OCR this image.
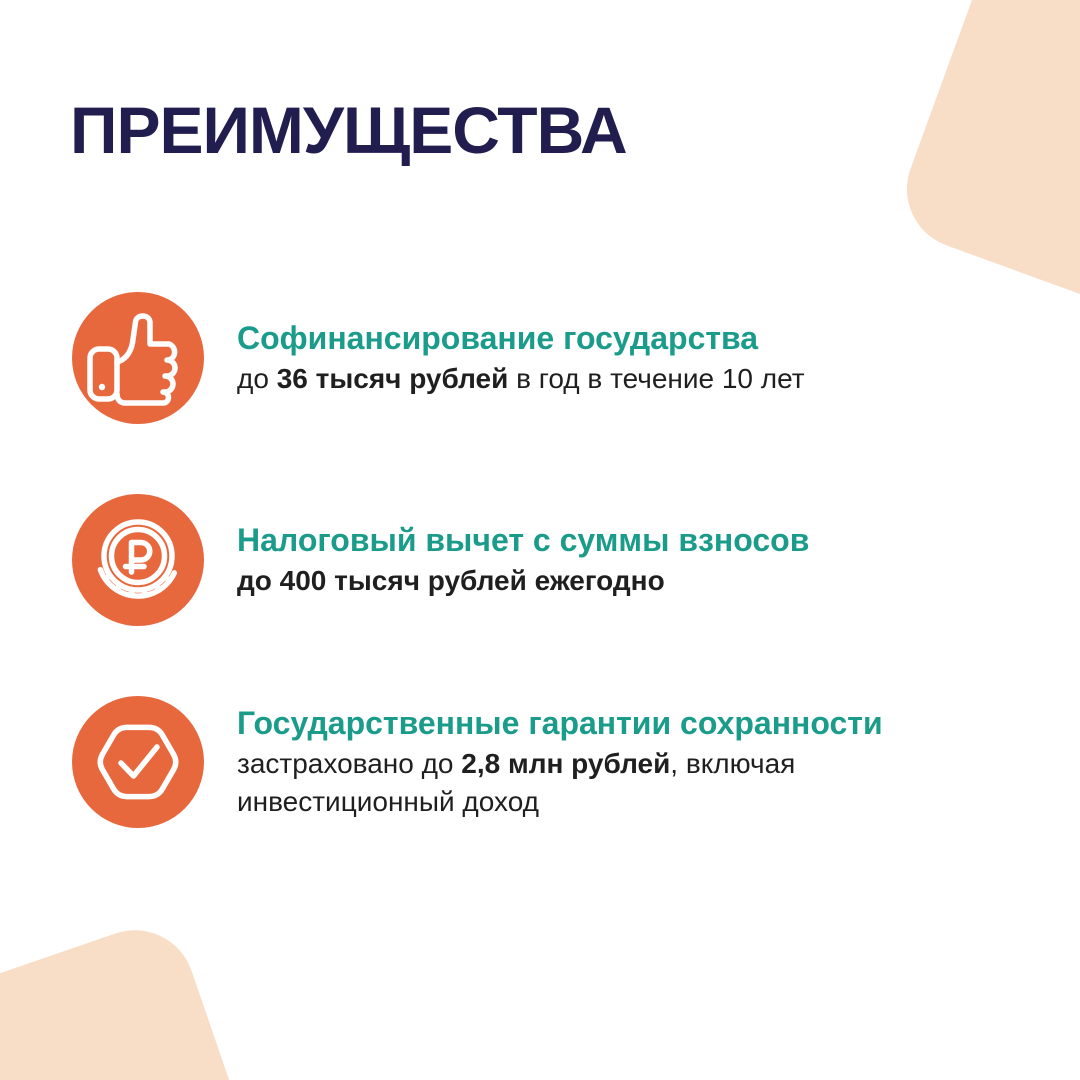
ПРЕИМУЩЕСТВА
Софинансирование государства
до 36 тысяч рублей в год в течение 10 лет
Налоговый вычет с суммы взносов
до 400 тысяч рублей ежегодно
Государственные гарантии сохранности
застраховано до 2,8 млн рублей, включая инвестиционный доход
